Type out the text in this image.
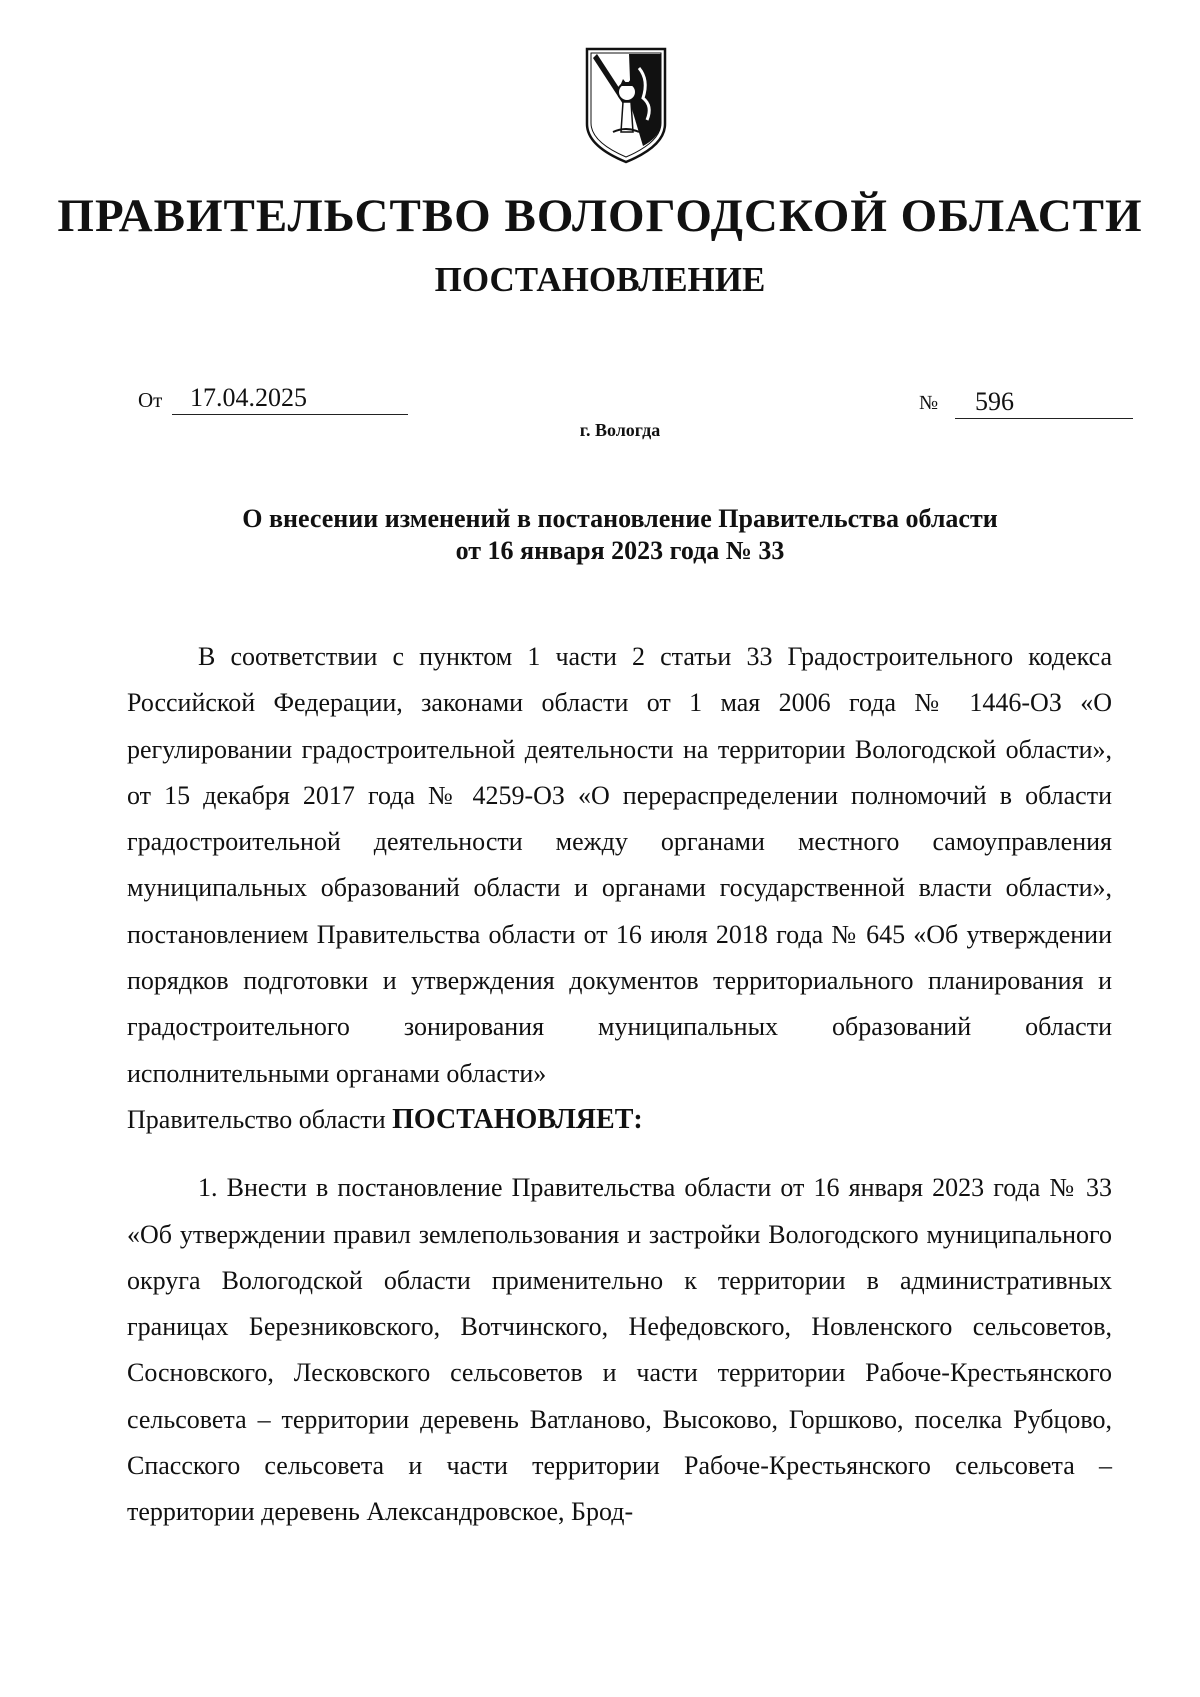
ПРАВИТЕЛЬСТВО ВОЛОГОДСКОЙ ОБЛАСТИ
ПОСТАНОВЛЕНИЕ
От	17.04.2025	№	596
г. Вологда
О внесении изменений в постановление Правительства области
от 16 января 2023 года № 33

В соответствии с пунктом 1 части 2 статьи 33 Градостроительного кодекса Российской Федерации, законами области от 1 мая 2006 года № 1446-ОЗ «О регулировании градостроительной деятельности на территории Вологодской области», от 15 декабря 2017 года № 4259-ОЗ «О перераспределении полномочий в области градостроительной деятельности между органами местного самоуправления муниципальных образований области и органами государственной власти области», постановлением Правительства области от 16 июля 2018 года № 645 «Об утверждении порядков подготовки и утверждения документов территориального планирования и градостроительного зонирования муниципальных образований области исполнительными органами области»

Правительство области ПОСТАНОВЛЯЕТ:

1. Внести в постановление Правительства области от 16 января 2023 года № 33 «Об утверждении правил землепользования и застройки Вологодского муниципального округа Вологодской области применительно к территории в административных границах Березниковского, Вотчинского, Нефедовского, Новленского сельсоветов, Сосновского, Лесковского сельсоветов и части территории Рабоче-Крестьянского сельсовета – территории деревень Ватланово, Высоково, Горшково, поселка Рубцово, Спасского сельсовета и части территории Рабоче-Крестьянского сельсовета – территории деревень Александровское, Брод-
